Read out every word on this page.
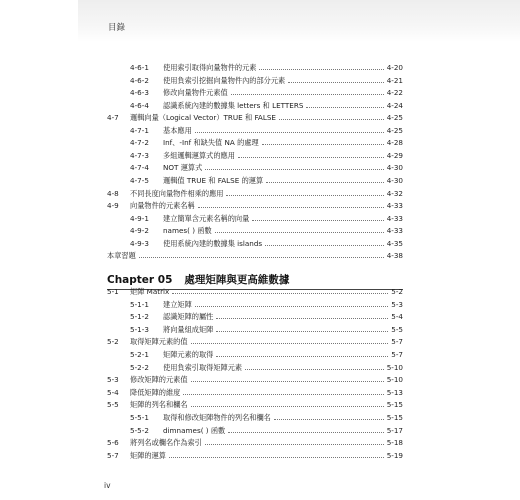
目錄
4-6-1 使用索引取得向量物件的元素	4-20
4-6-2 使用負索引挖掘向量物件內的部分元素	4-21
4-6-3 修改向量物件元素值	4-22
4-6-4 認識系統內建的數據集 letters 和 LETTERS	4-24
4-7 邏輯向量（Logical Vector）TRUE 和 FALSE	4-25
4-7-1 基本應用	4-25
4-7-2 Inf、-Inf 和缺失值 NA 的處理	4-28
4-7-3 多組邏輯運算式的應用	4-29
4-7-4 NOT 運算式	4-30
4-7-5 邏輯值 TRUE 和 FALSE 的運算	4-30
4-8 不同長度向量物件相乘的應用	4-32
4-9 向量物件的元素名稱	4-33
4-9-1 建立簡單含元素名稱的向量	4-33
4-9-2 names( ) 函數	4-33
4-9-3 使用系統內建的數據集 islands	4-35
本章習題	4-38
Chapter 05 處理矩陣與更高維數據
5-1 矩陣 Matrix	5-2
5-1-1 建立矩陣	5-3
5-1-2 認識矩陣的屬性	5-4
5-1-3 將向量組成矩陣	5-5
5-2 取得矩陣元素的值	5-7
5-2-1 矩陣元素的取得	5-7
5-2-2 使用負索引取得矩陣元素	5-10
5-3 修改矩陣的元素值	5-10
5-4 降低矩陣的維度	5-13
5-5 矩陣的列名和欄名	5-15
5-5-1 取得和修改矩陣物件的列名和欄名	5-15
5-5-2 dimnames( ) 函數	5-17
5-6 將列名或欄名作為索引	5-18
5-7 矩陣的運算	5-19
iv
